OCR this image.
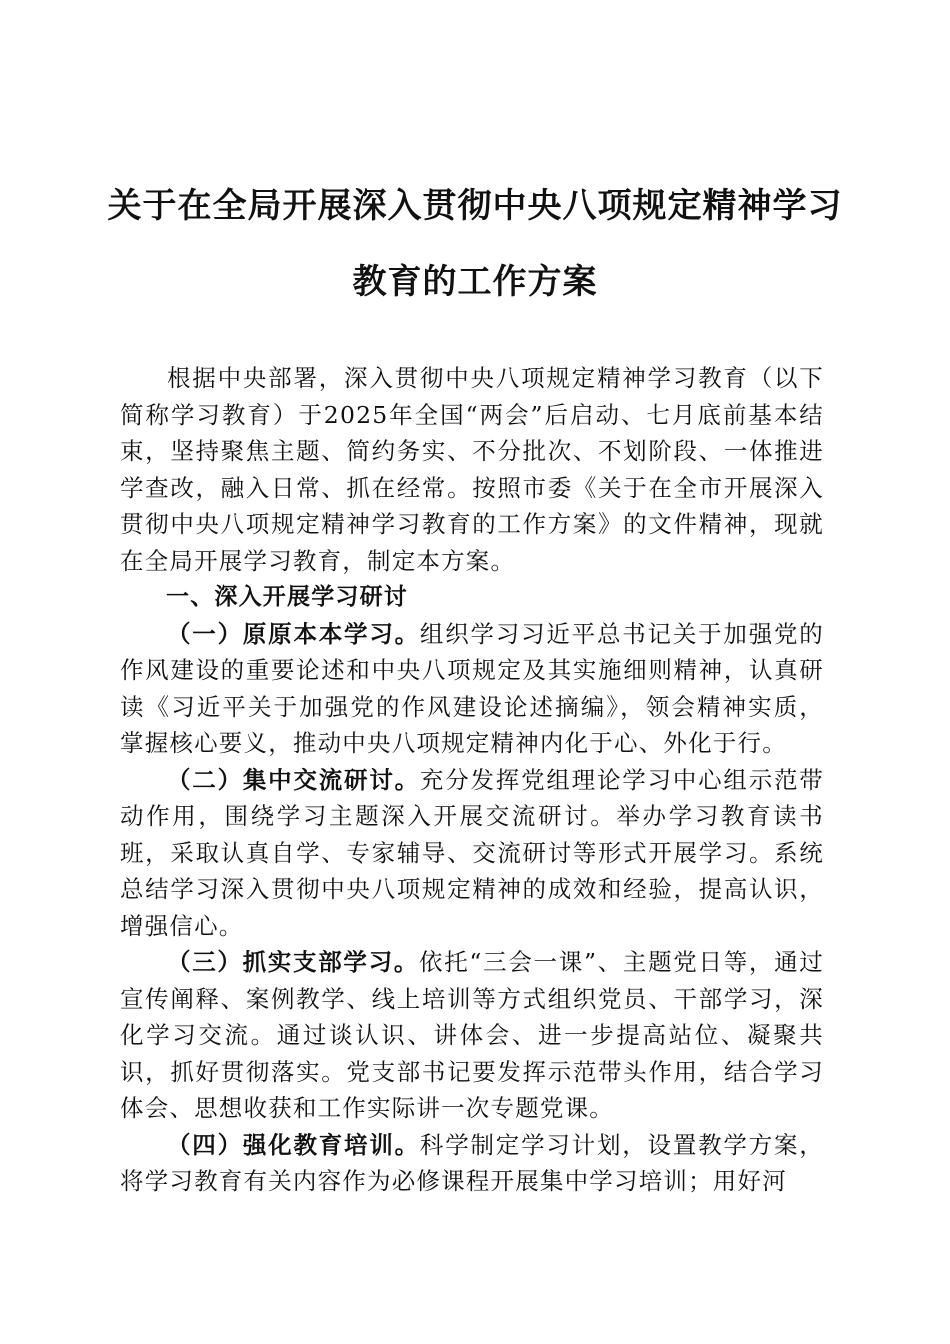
关于在全局开展深入贯彻中央八项规定精神学习教育的工作方案

根据中央部署，深入贯彻中央八项规定精神学习教育（以下简称学习教育）于2025年全国“两会”后启动、七月底前基本结束，坚持聚焦主题、简约务实、不分批次、不划阶段、一体推进学查改，融入日常、抓在经常。按照市委《关于在全市开展深入贯彻中央八项规定精神学习教育的工作方案》的文件精神，现就在全局开展学习教育，制定本方案。

一、深入开展学习研讨

（一）原原本本学习。组织学习习近平总书记关于加强党的作风建设的重要论述和中央八项规定及其实施细则精神，认真研读《习近平关于加强党的作风建设论述摘编》，领会精神实质，掌握核心要义，推动中央八项规定精神内化于心、外化于行。

（二）集中交流研讨。充分发挥党组理论学习中心组示范带动作用，围绕学习主题深入开展交流研讨。举办学习教育读书班，采取认真自学、专家辅导、交流研讨等形式开展学习。系统总结学习深入贯彻中央八项规定精神的成效和经验，提高认识，增强信心。

（三）抓实支部学习。依托“三会一课”、主题党日等，通过宣传阐释、案例教学、线上培训等方式组织党员、干部学习，深化学习交流。通过谈认识、讲体会、进一步提高站位、凝聚共识，抓好贯彻落实。党支部书记要发挥示范带头作用，结合学习体会、思想收获和工作实际讲一次专题党课。

（四）强化教育培训。科学制定学习计划，设置教学方案，将学习教育有关内容作为必修课程开展集中学习培训；用好河
